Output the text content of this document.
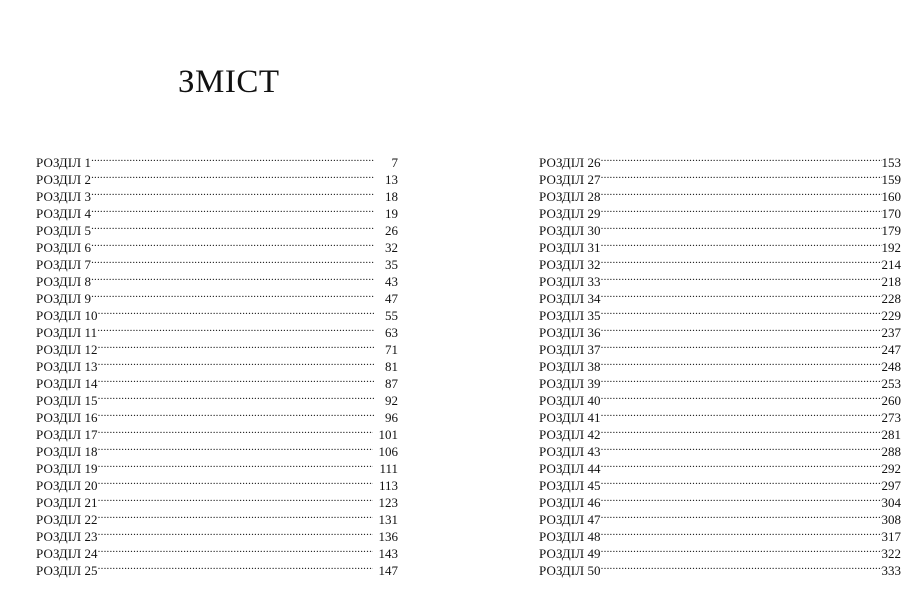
ЗМІСТ
РОЗДІЛ 1 .....	7
РОЗДІЛ 2 .....	13
РОЗДІЛ 3 .....	18
РОЗДІЛ 4 .....	19
РОЗДІЛ 5 .....	26
РОЗДІЛ 6 .....	32
РОЗДІЛ 7 .....	35
РОЗДІЛ 8 .....	43
РОЗДІЛ 9 .....	47
РОЗДІЛ 10 .....	55
РОЗДІЛ 11 .....	63
РОЗДІЛ 12 .....	71
РОЗДІЛ 13 .....	81
РОЗДІЛ 14 .....	87
РОЗДІЛ 15 .....	92
РОЗДІЛ 16 .....	96
РОЗДІЛ 17 .....	101
РОЗДІЛ 18 .....	106
РОЗДІЛ 19 .....	111
РОЗДІЛ 20 .....	113
РОЗДІЛ 21 .....	123
РОЗДІЛ 22 .....	131
РОЗДІЛ 23 .....	136
РОЗДІЛ 24 .....	143
РОЗДІЛ 25 .....	147
РОЗДІЛ 26 .....	153
РОЗДІЛ 27 .....	159
РОЗДІЛ 28 .....	160
РОЗДІЛ 29 .....	170
РОЗДІЛ 30 .....	179
РОЗДІЛ 31 .....	192
РОЗДІЛ 32 .....	214
РОЗДІЛ 33 .....	218
РОЗДІЛ 34 .....	228
РОЗДІЛ 35 .....	229
РОЗДІЛ 36 .....	237
РОЗДІЛ 37 .....	247
РОЗДІЛ 38 .....	248
РОЗДІЛ 39 .....	253
РОЗДІЛ 40 .....	260
РОЗДІЛ 41 .....	273
РОЗДІЛ 42 .....	281
РОЗДІЛ 43 .....	288
РОЗДІЛ 44 .....	292
РОЗДІЛ 45 .....	297
РОЗДІЛ 46 .....	304
РОЗДІЛ 47 .....	308
РОЗДІЛ 48 .....	317
РОЗДІЛ 49 .....	322
РОЗДІЛ 50 .....	333
